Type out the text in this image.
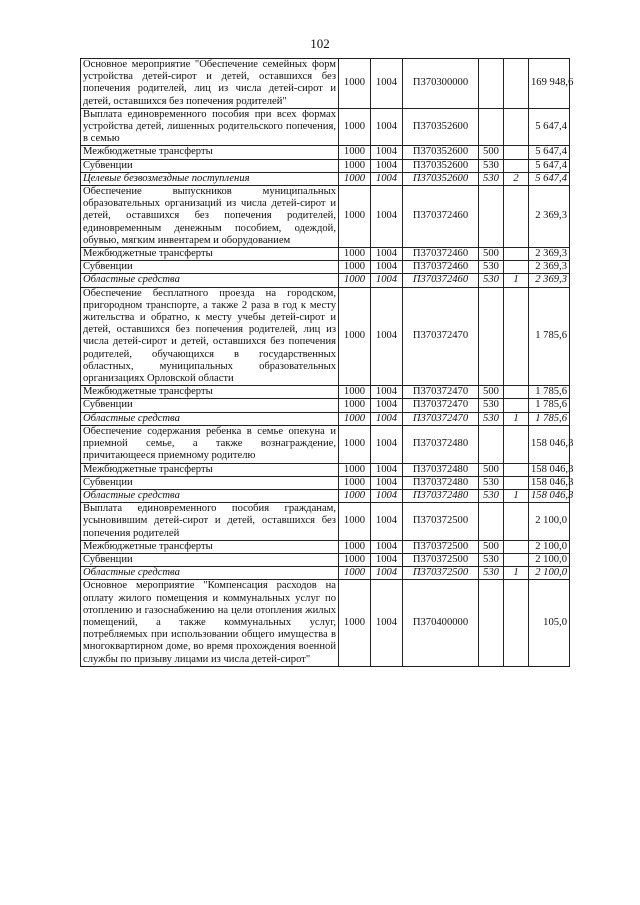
102
Основное мероприятие "Обеспечение семейных форм устройства детей-сирот и детей, оставшихся без попечения родителей, лиц из числа детей-сирот и детей, оставшихся без попечения родителей"	1000	1004	П370300000			169 948,6
Выплата единовременного пособия при всех формах устройства детей, лишенных родительского попечения, в семью	1000	1004	П370352600			5 647,4
Межбюджетные трансферты	1000	1004	П370352600	500		5 647,4
Субвенции	1000	1004	П370352600	530		5 647,4
Целевые безвозмездные поступления	1000	1004	П370352600	530	2	5 647,4
Обеспечение выпускников муниципальных образовательных организаций из числа детей-сирот и детей, оставшихся без попечения родителей, единовременным денежным пособием, одеждой, обувью, мягким инвентарем и оборудованием	1000	1004	П370372460			2 369,3
Межбюджетные трансферты	1000	1004	П370372460	500		2 369,3
Субвенции	1000	1004	П370372460	530		2 369,3
Областные средства	1000	1004	П370372460	530	1	2 369,3
Обеспечение бесплатного проезда на городском, пригородном транспорте, а также 2 раза в год к месту жительства и обратно, к месту учебы детей-сирот и детей, оставшихся без попечения родителей, лиц из числа детей-сирот и детей, оставшихся без попечения родителей, обучающихся в государственных областных, муниципальных образовательных организациях Орловской области	1000	1004	П370372470			1 785,6
Межбюджетные трансферты	1000	1004	П370372470	500		1 785,6
Субвенции	1000	1004	П370372470	530		1 785,6
Областные средства	1000	1004	П370372470	530	1	1 785,6
Обеспечение содержания ребенка в семье опекуна и приемной семье, а также вознаграждение, причитающееся приемному родителю	1000	1004	П370372480			158 046,3
Межбюджетные трансферты	1000	1004	П370372480	500		158 046,3
Субвенции	1000	1004	П370372480	530		158 046,3
Областные средства	1000	1004	П370372480	530	1	158 046,3
Выплата единовременного пособия гражданам, усыновившим детей-сирот и детей, оставшихся без попечения родителей	1000	1004	П370372500			2 100,0
Межбюджетные трансферты	1000	1004	П370372500	500		2 100,0
Субвенции	1000	1004	П370372500	530		2 100,0
Областные средства	1000	1004	П370372500	530	1	2 100,0
Основное мероприятие "Компенсация расходов на оплату жилого помещения и коммунальных услуг по отоплению и газоснабжению на цели отопления жилых помещений, а также коммунальных услуг, потребляемых при использовании общего имущества в многоквартирном доме, во время прохождения военной службы по призыву лицами из числа детей-сирот"	1000	1004	П370400000			105,0
